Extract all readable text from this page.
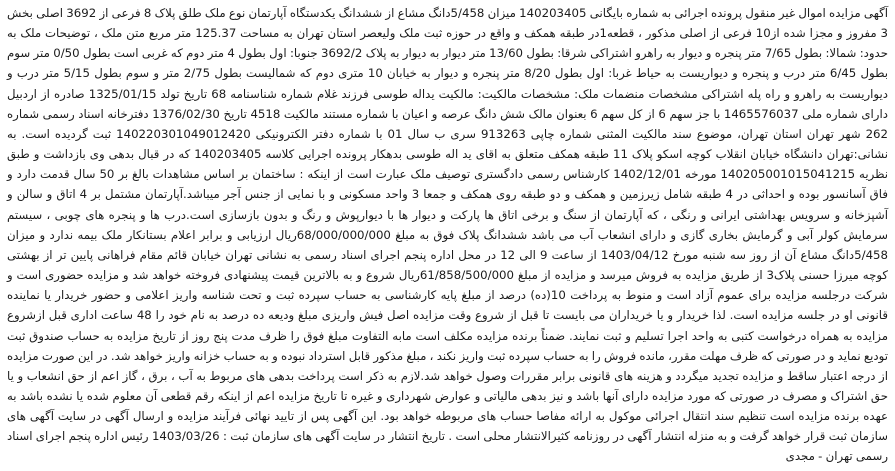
آگهی مزایده اموال غیر منقول پرونده اجرائی به شماره بایگانی 140203405 میزان 5/458دانگ مشاع از ششدانگ یکدستگاه آپارتمان نوع ملک طلق پلاک 8 فرعی از 3692 اصلی بخش 3 مفروز و مجزا شده از10 فرعی از اصلی مذکور ، قطعه1در طبقه همکف و واقع در حوزه ثبت ملک ولیعصر استان تهران به مساحت 125.37 متر مربع متن ملک ، توضیحات ملک به حدود: شمالا: بطول 7/65 متر پنجره و دیوار به راهرو اشتراکی شرقا: بطول 13/60 متر دیوار به دیوار به پلاک 3692/2 جنوبا: اول بطول 4 متر دوم که غربی است بطول 0/50 متر سوم بطول 6/45 متر درب و پنجره و دیواریست به حیاط غربا: اول بطول 8/20 متر پنجره و دیوار به خیابان 10 متری دوم که شمالیست بطول 2/75 متر و سوم بطول 5/15 متر درب و دیواریست به راهرو و راه پله اشتراکی مشخصات منضمات ملک: مشخصات مالکیت: مالکیت یداله طوسی فرزند غلام شماره شناسنامه 68 تاریخ تولد 1325/01/15 صادره از اردبیل دارای شماره ملی 1465576037 با جز سهم 6 از کل سهم 6 بعنوان مالک شش دانگ عرصه و اعیان با شماره مستند مالکیت 4518 تاریخ 1376/02/30 دفترخانه اسناد رسمی شماره 262 شهر تهران استان تهران، موضوع سند مالکیت المثنی شماره چاپی 913263 سری ب سال 01 با شماره دفتر الکترونیکی 140220301049012420 ثبت گردیده است. به نشانی:تهران دانشگاه خیابان انقلاب کوچه اسکو پلاک 11 طبقه همکف متعلق به اقای ید اله طوسی بدهکار پرونده اجرایی کلاسه 140203405 که در قبال بدهی وی بازداشت و طبق نظریه 140205001015041215 مورخه 1402/12/01 کارشناس رسمی دادگستری توصیف ملک عبارت است از اینکه : ساختمان بر اساس مشاهدات بالغ بر 50 سال قدمت دارد و فاق آسانسور بوده و احداثی در 4 طبقه شامل زیرزمین و همکف و دو طبقه روی همکف و جمعا 3 واحد مسکونی و با نمایی از جنس آجر میباشد.آپارتمان مشتمل بر 4 اتاق و سالن و آشپزخانه و سرویس بهداشتی ایرانی و رنگی ، که آپارتمان از سنگ و برخی اتاق ها پارکت و دیوار ها با دیوارپوش و رنگ و بدون بازسازی است.درب ها و پنجره های چوبی ، سیستم سرمایش کولر آبی و گرمایش بخاری گازی و دارای انشعاب آب می باشد ششدانگ پلاک فوق به مبلغ 68/000/000/000ریال ارزیابی و برابر اعلام بستانکار ملک بیمه ندارد و میزان 5/458دانگ مشاع آن از روز سه شنبه مورخ 1403/04/12 از ساعت 9 الی 12 در محل اداره پنجم اجرای اسناد رسمی به نشانی تهران خیابان قائم مقام فراهانی پایین تر از بهشتی کوچه میرزا حسنی پلاک3 از طریق مزایده به فروش میرسد و مزایده از مبلغ 61/858/500/000ریال شروع و به بالاترین قیمت پیشنهادی فروخته خواهد شد و مزایده حضوری است و شرکت درجلسه مزایده برای عموم آزاد است و منوط به پرداخت 10(ده) درصد از مبلغ پایه کارشناسی به حساب سپرده ثبت و تحت شناسه واریز اعلامی و حضور خریدار یا نماینده قانونی او در جلسه مزایده است. لذا خریدار و یا خریداران می بایست تا قبل از شروع وقت مزایده اصل فیش واریزی مبلغ ودیعه ده درصد به نام خود را 48 ساعت اداری قبل ازشروع مزایده به همراه درخواست کتبی به واحد اجرا تسلیم و ثبت نمایند. ضمناً برنده مزایده مکلف است مابه التفاوت مبلغ فوق را ظرف مدت پنج روز از تاریخ مزایده به حساب صندوق ثبت تودیع نماید و در صورتی که ظرف مهلت مقرر، مانده فروش را به حساب سپرده ثبت واریز نکند ، مبلغ مذکور قابل استرداد نبوده و به حساب خزانه واریز خواهد شد. در این صورت مزایده از درجه اعتبار ساقط و مزایده تجدید میگردد و هزینه های قانونی برابر مقررات وصول خواهد شد.لازم به ذکر است پرداخت بدهی های مربوط به آب ، برق ، گاز اعم از حق انشعاب و یا حق اشتراک و مصرف در صورتی که مورد مزایده دارای آنها باشد و نیز بدهی مالیاتی و عوارض شهرداری و غیره تا تاریخ مزایده اعم از اینکه رقم قطعی آن معلوم شده یا نشده باشد به عهده برنده مزایده است تنظیم سند انتقال اجرائی موکول به ارائه مفاصا حساب های مربوطه خواهد بود. این آگهی پس از تایید نهائی فرآیند مزایده و ارسال آگهی در سایت آگهی های سازمان ثبت قرار خواهد گرفت و به منزله انتشار آگهی در روزنامه کثیرالانتشار محلی است . تاریخ انتشار در سایت آگهی های سازمان ثبت : 1403/03/26 رئیس اداره پنجم اجرای اسناد رسمی تهران - مجدی
